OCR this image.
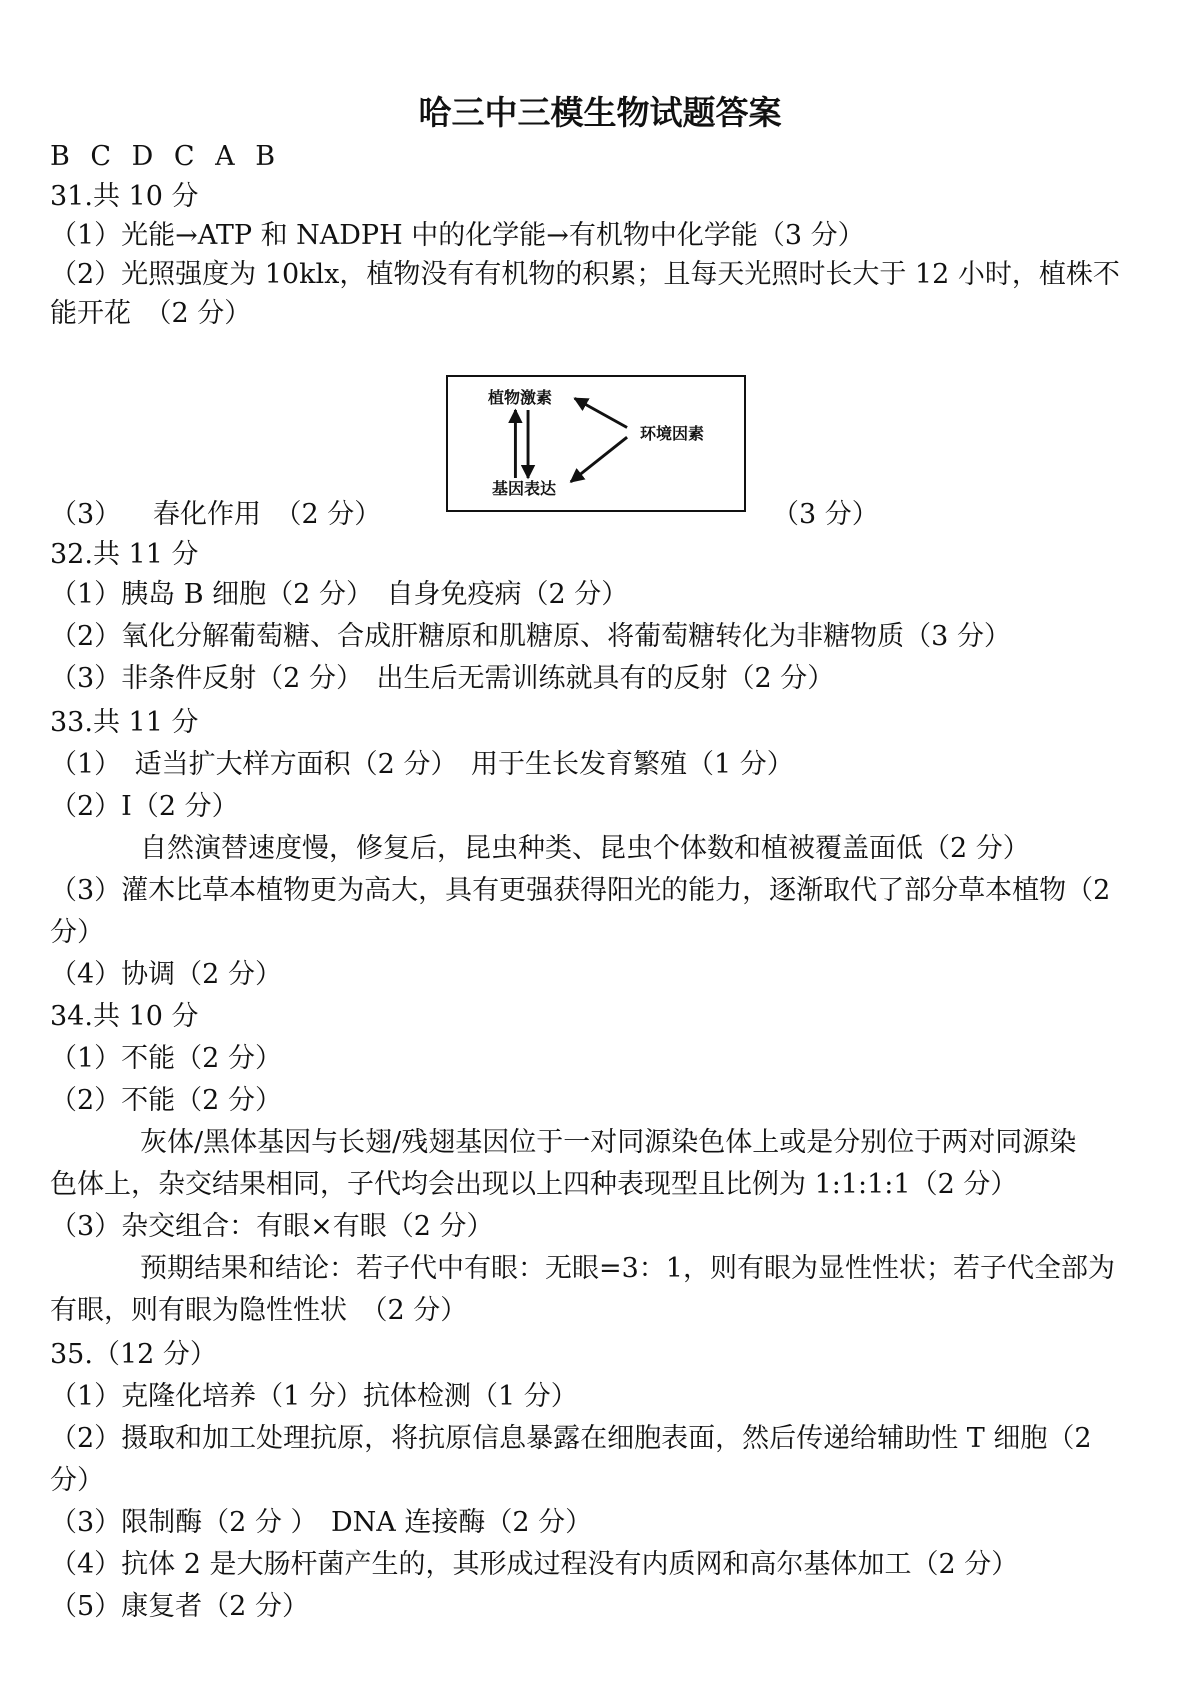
哈三中三模生物试题答案
B C D C A B
31.共 10 分
（1）光能→ATP 和 NADPH 中的化学能→有机物中化学能（3 分）
（2）光照强度为 10klx，植物没有有机物的积累；且每天光照时长大于 12 小时，植株不
能开花　（2 分）
（3） 春化作用　（2 分）
植物激素
环境因素
基因表达
（3 分）
32.共 11 分
（1）胰岛 B 细胞（2 分）　自身免疫病（2 分）
（2）氧化分解葡萄糖、合成肝糖原和肌糖原、将葡萄糖转化为非糖物质（3 分）
（3）非条件反射（2 分）　出生后无需训练就具有的反射（2 分）
33.共 11 分
（1）　适当扩大样方面积（2 分）　用于生长发育繁殖（1 分）
（2）Ⅰ（2 分）
自然演替速度慢，修复后，昆虫种类、昆虫个体数和植被覆盖面低（2 分）
（3）灌木比草本植物更为高大，具有更强获得阳光的能力，逐渐取代了部分草本植物（2
分）
（4）协调（2 分）
34.共 10 分
（1）不能（2 分）
（2）不能（2 分）
灰体/黑体基因与长翅/残翅基因位于一对同源染色体上或是分别位于两对同源染
色体上，杂交结果相同，子代均会出现以上四种表现型且比例为 1:1:1:1（2 分）
（3）杂交组合：有眼×有眼（2 分）
预期结果和结论：若子代中有眼：无眼=3：1，则有眼为显性性状；若子代全部为
有眼，则有眼为隐性性状　（2 分）
35.（12 分）
（1）克隆化培养（1 分）抗体检测（1 分）
（2）摄取和加工处理抗原，将抗原信息暴露在细胞表面，然后传递给辅助性 T 细胞（2
分）
（3）限制酶（2 分 ）　DNA 连接酶（2 分）
（4）抗体 2 是大肠杆菌产生的，其形成过程没有内质网和高尔基体加工（2 分）
（5）康复者（2 分）
